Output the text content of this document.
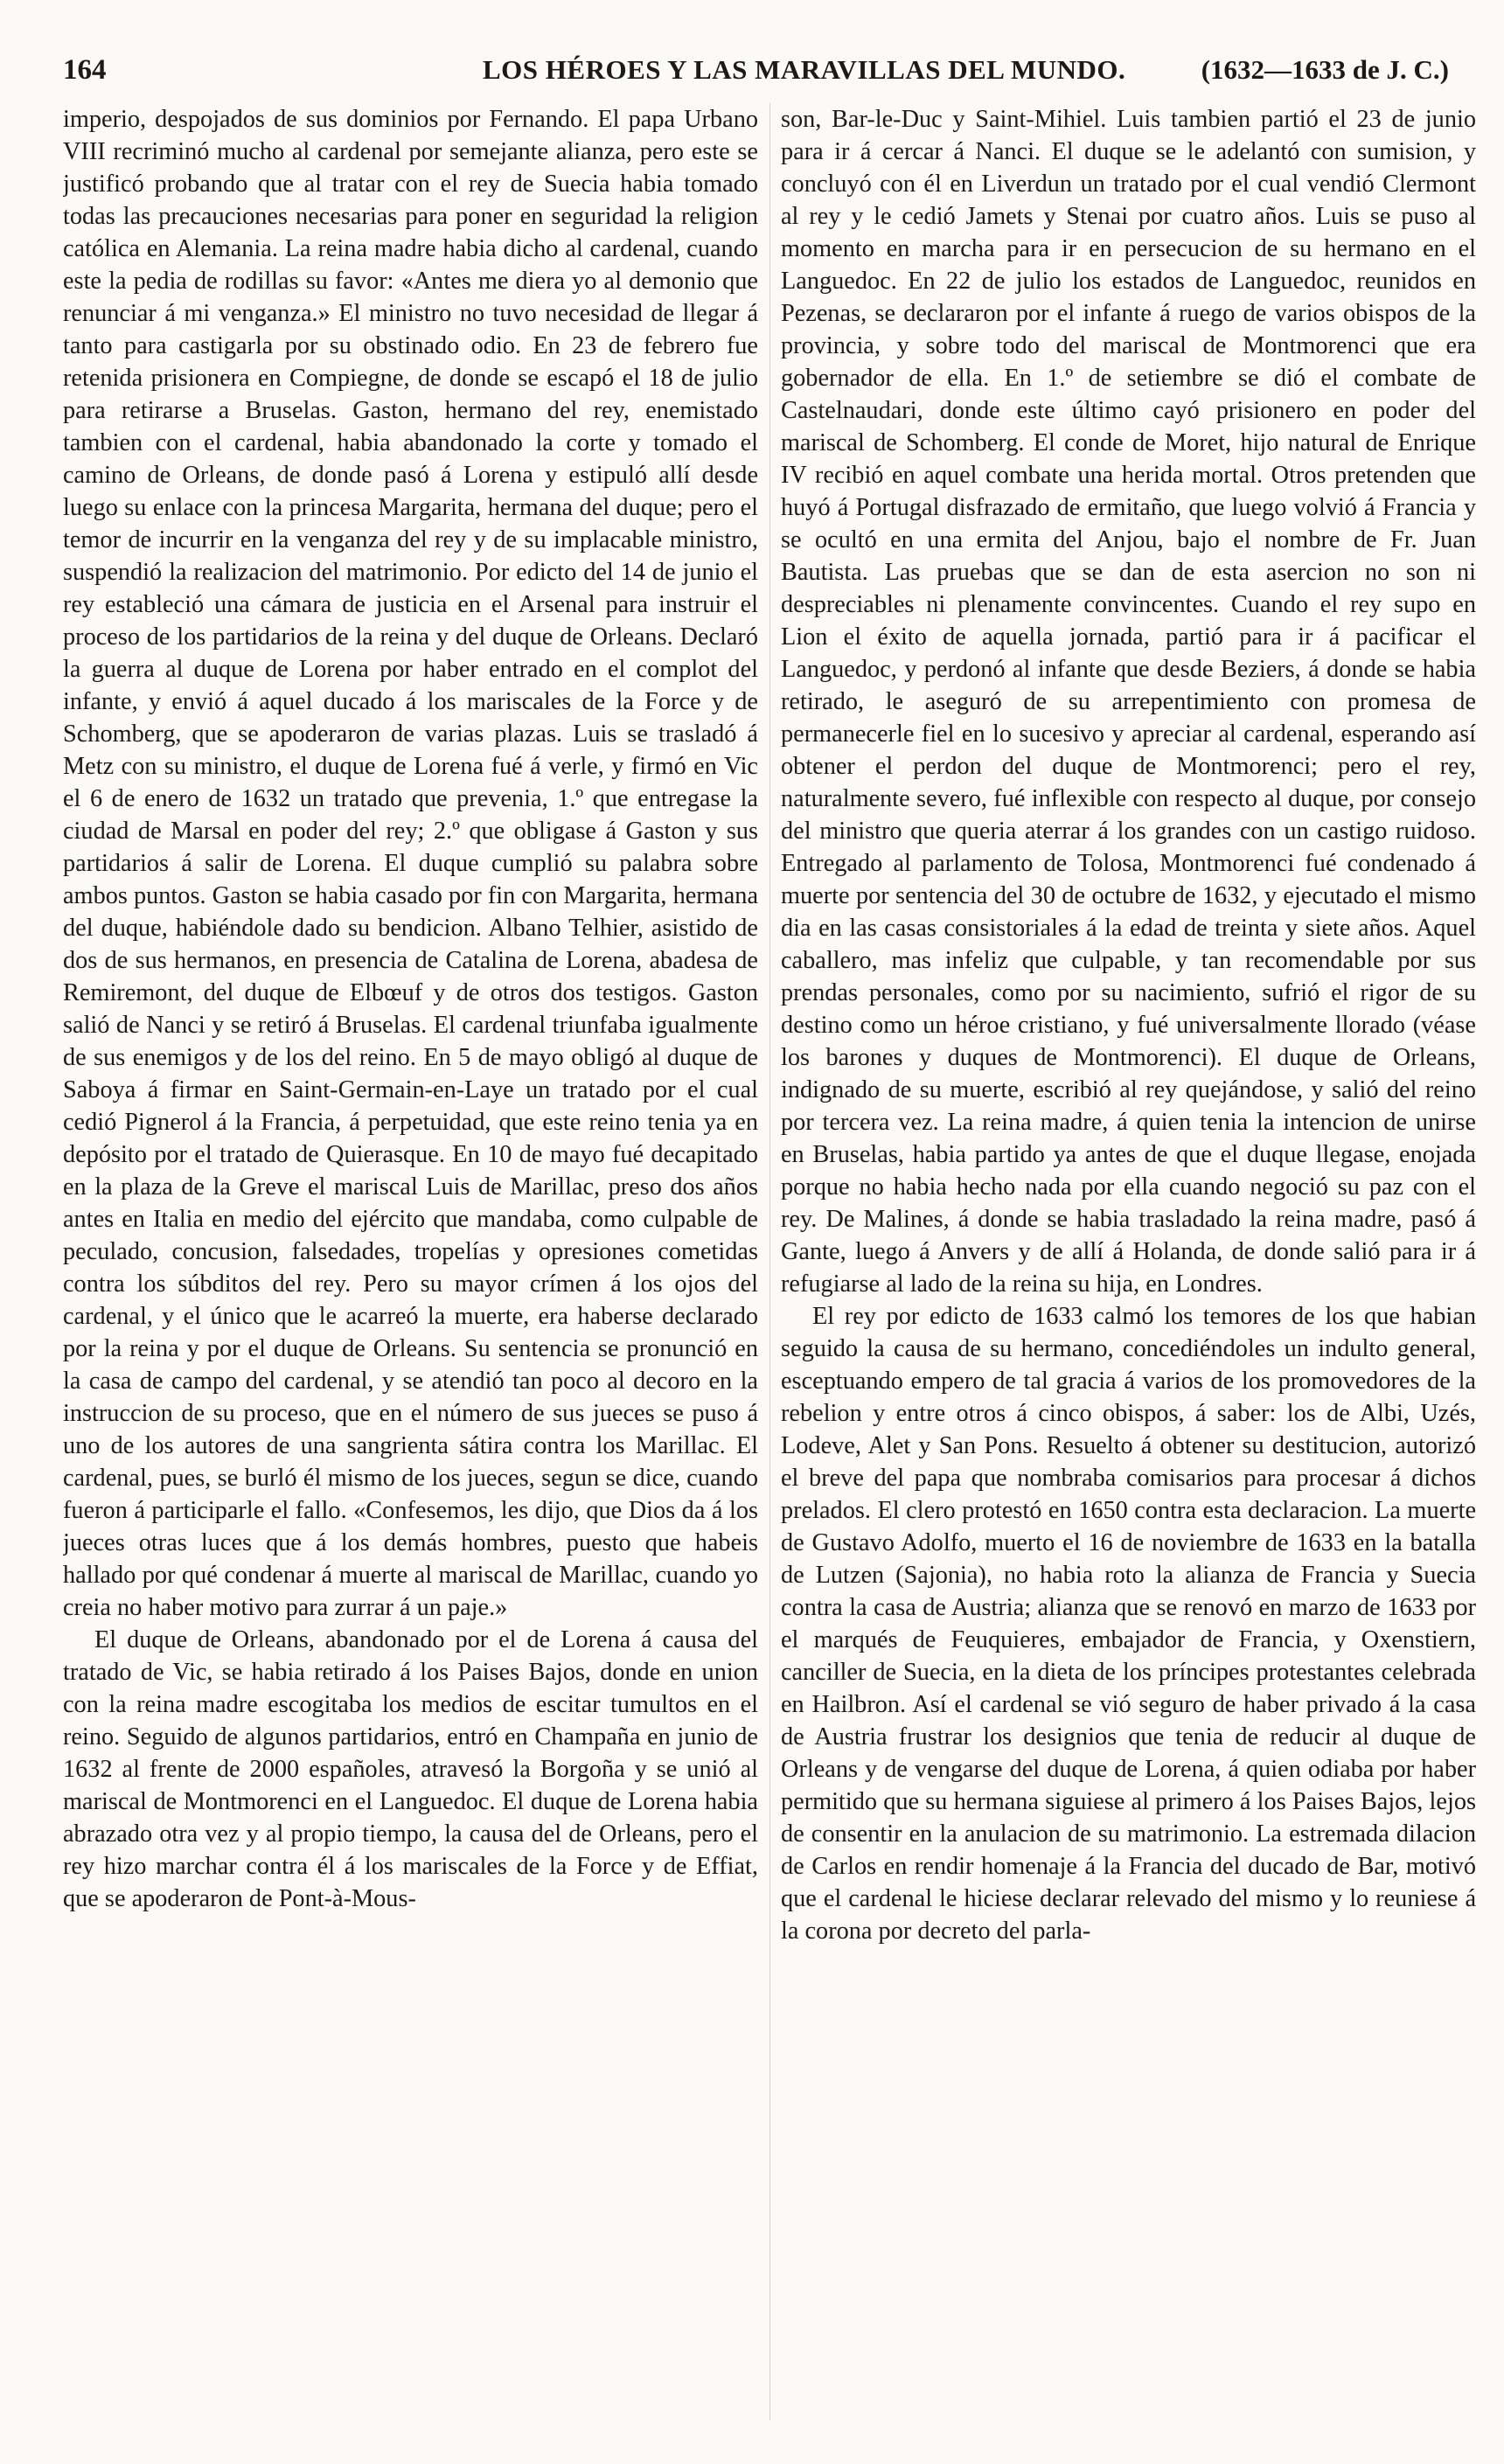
164	LOS HÉROES Y LAS MARAVILLAS DEL MUNDO.	(1632—1633 de J. C.)

imperio, despojados de sus dominios por Fernando. El papa Urbano VIII recriminó mucho al cardenal por semejante alianza, pero este se justificó probando que al tratar con el rey de Suecia habia tomado todas las precauciones necesarias para poner en seguridad la religion católica en Alemania. La reina madre habia dicho al cardenal, cuando este la pedia de rodillas su favor: «Antes me diera yo al demonio que renunciar á mi venganza.» El ministro no tuvo necesidad de llegar á tanto para castigarla por su obstinado odio. En 23 de febrero fue retenida prisionera en Compiegne, de donde se escapó el 18 de julio para retirarse a Bruselas. Gaston, hermano del rey, enemistado tambien con el cardenal, habia abandonado la corte y tomado el camino de Orleans, de donde pasó á Lorena y estipuló allí desde luego su enlace con la princesa Margarita, hermana del duque; pero el temor de incurrir en la venganza del rey y de su implacable ministro, suspendió la realizacion del matrimonio. Por edicto del 14 de junio el rey estableció una cámara de justicia en el Arsenal para instruir el proceso de los partidarios de la reina y del duque de Orleans. Declaró la guerra al duque de Lorena por haber entrado en el complot del infante, y envió á aquel ducado á los mariscales de la Force y de Schomberg, que se apoderaron de varias plazas. Luis se trasladó á Metz con su ministro, el duque de Lorena fué á verle, y firmó en Vic el 6 de enero de 1632 un tratado que prevenia, 1.º que entregase la ciudad de Marsal en poder del rey; 2.º que obligase á Gaston y sus partidarios á salir de Lorena. El duque cumplió su palabra sobre ambos puntos. Gaston se habia casado por fin con Margarita, hermana del duque, habiéndole dado su bendicion. Albano Telhier, asistido de dos de sus hermanos, en presencia de Catalina de Lorena, abadesa de Remiremont, del duque de Elbœuf y de otros dos testigos. Gaston salió de Nanci y se retiró á Bruselas. El cardenal triunfaba igualmente de sus enemigos y de los del reino. En 5 de mayo obligó al duque de Saboya á firmar en Saint-Germain-en-Laye un tratado por el cual cedió Pignerol á la Francia, á perpetuidad, que este reino tenia ya en depósito por el tratado de Quierasque. En 10 de mayo fué decapitado en la plaza de la Greve el mariscal Luis de Marillac, preso dos años antes en Italia en medio del ejército que mandaba, como culpable de peculado, concusion, falsedades, tropelías y opresiones cometidas contra los súbditos del rey. Pero su mayor crímen á los ojos del cardenal, y el único que le acarreó la muerte, era haberse declarado por la reina y por el duque de Orleans. Su sentencia se pronunció en la casa de campo del cardenal, y se atendió tan poco al decoro en la instruccion de su proceso, que en el número de sus jueces se puso á uno de los autores de una sangrienta sátira contra los Marillac. El cardenal, pues, se burló él mismo de los jueces, segun se dice, cuando fueron á participarle el fallo. «Confesemos, les dijo, que Dios da á los jueces otras luces que á los demás hombres, puesto que habeis hallado por qué condenar á muerte al mariscal de Marillac, cuando yo creia no haber motivo para zurrar á un paje.»

El duque de Orleans, abandonado por el de Lorena á causa del tratado de Vic, se habia retirado á los Paises Bajos, donde en union con la reina madre escogitaba los medios de escitar tumultos en el reino. Seguido de algunos partidarios, entró en Champaña en junio de 1632 al frente de 2000 españoles, atravesó la Borgoña y se unió al mariscal de Montmorenci en el Languedoc. El duque de Lorena habia abrazado otra vez y al propio tiempo, la causa del de Orleans, pero el rey hizo marchar contra él á los mariscales de la Force y de Effiat, que se apoderaron de Pont-à-Mous-

son, Bar-le-Duc y Saint-Mihiel. Luis tambien partió el 23 de junio para ir á cercar á Nanci. El duque se le adelantó con sumision, y concluyó con él en Liverdun un tratado por el cual vendió Clermont al rey y le cedió Jamets y Stenai por cuatro años. Luis se puso al momento en marcha para ir en persecucion de su hermano en el Languedoc. En 22 de julio los estados de Languedoc, reunidos en Pezenas, se declararon por el infante á ruego de varios obispos de la provincia, y sobre todo del mariscal de Montmorenci que era gobernador de ella. En 1.º de setiembre se dió el combate de Castelnaudari, donde este último cayó prisionero en poder del mariscal de Schomberg. El conde de Moret, hijo natural de Enrique IV recibió en aquel combate una herida mortal. Otros pretenden que huyó á Portugal disfrazado de ermitaño, que luego volvió á Francia y se ocultó en una ermita del Anjou, bajo el nombre de Fr. Juan Bautista. Las pruebas que se dan de esta asercion no son ni despreciables ni plenamente convincentes. Cuando el rey supo en Lion el éxito de aquella jornada, partió para ir á pacificar el Languedoc, y perdonó al infante que desde Beziers, á donde se habia retirado, le aseguró de su arrepentimiento con promesa de permanecerle fiel en lo sucesivo y apreciar al cardenal, esperando así obtener el perdon del duque de Montmorenci; pero el rey, naturalmente severo, fué inflexible con respecto al duque, por consejo del ministro que queria aterrar á los grandes con un castigo ruidoso. Entregado al parlamento de Tolosa, Montmorenci fué condenado á muerte por sentencia del 30 de octubre de 1632, y ejecutado el mismo dia en las casas consistoriales á la edad de treinta y siete años. Aquel caballero, mas infeliz que culpable, y tan recomendable por sus prendas personales, como por su nacimiento, sufrió el rigor de su destino como un héroe cristiano, y fué universalmente llorado (véase los barones y duques de Montmorenci). El duque de Orleans, indignado de su muerte, escribió al rey quejándose, y salió del reino por tercera vez. La reina madre, á quien tenia la intencion de unirse en Bruselas, habia partido ya antes de que el duque llegase, enojada porque no habia hecho nada por ella cuando negoció su paz con el rey. De Malines, á donde se habia trasladado la reina madre, pasó á Gante, luego á Anvers y de allí á Holanda, de donde salió para ir á refugiarse al lado de la reina su hija, en Londres.

El rey por edicto de 1633 calmó los temores de los que habian seguido la causa de su hermano, concediéndoles un indulto general, esceptuando empero de tal gracia á varios de los promovedores de la rebelion y entre otros á cinco obispos, á saber: los de Albi, Uzés, Lodeve, Alet y San Pons. Resuelto á obtener su destitucion, autorizó el breve del papa que nombraba comisarios para procesar á dichos prelados. El clero protestó en 1650 contra esta declaracion. La muerte de Gustavo Adolfo, muerto el 16 de noviembre de 1633 en la batalla de Lutzen (Sajonia), no habia roto la alianza de Francia y Suecia contra la casa de Austria; alianza que se renovó en marzo de 1633 por el marqués de Feuquieres, embajador de Francia, y Oxenstiern, canciller de Suecia, en la dieta de los príncipes protestantes celebrada en Hailbron. Así el cardenal se vió seguro de haber privado á la casa de Austria frustrar los designios que tenia de reducir al duque de Orleans y de vengarse del duque de Lorena, á quien odiaba por haber permitido que su hermana siguiese al primero á los Paises Bajos, lejos de consentir en la anulacion de su matrimonio. La estremada dilacion de Carlos en rendir homenaje á la Francia del ducado de Bar, motivó que el cardenal le hiciese declarar relevado del mismo y lo reuniese á la corona por decreto del parla-
